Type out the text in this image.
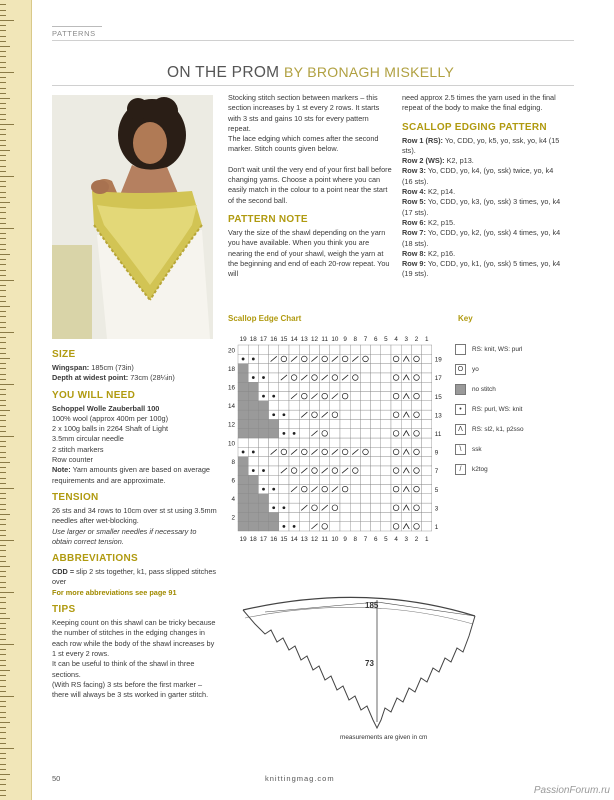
PATTERNS
ON THE PROM BY BRONAGH MISKELLY
SIZE
Wingspan: 185cm (73in)
Depth at widest point: 73cm (28¼in)
YOU WILL NEED
Schoppel Wolle Zauberball 100
100% wool (approx 400m per 100g)
2 x 100g balls in 2264 Shaft of Light
3.5mm circular needle
2 stitch markers
Row counter
Note: Yarn amounts given are based on average requirements and are approximate.
TENSION
26 sts and 34 rows to 10cm over st st using 3.5mm needles after wet-blocking.
Use larger or smaller needles if necessary to obtain correct tension.
ABBREVIATIONS
CDD = slip 2 sts together, k1, pass slipped stitches over
For more abbreviations see page 91
TIPS
Keeping count on this shawl can be tricky because the number of stitches in the edging changes in each row while the body of the shawl increases by 1 st every 2 rows.
It can be useful to think of the shawl in three sections.
(With RS facing) 3 sts before the first marker – there will always be 3 sts worked in garter stitch.
Stocking stitch section between markers – this section increases by 1 st every 2 rows. It starts with 3 sts and gains 10 sts for every pattern repeat.
The lace edging which comes after the second marker. Stitch counts given below.
Don't wait until the very end of your first ball before changing yarns. Choose a point where you can easily match in the colour to a point near the start of the second ball.
PATTERN NOTE
Vary the size of the shawl depending on the yarn you have available. When you think you are nearing the end of your shawl, weigh the yarn at the beginning and end of each 20-row repeat. You will
need approx 2.5 times the yarn used in the final repeat of the body to make the final edging.
SCALLOP EDGING PATTERN
Row 1 (RS): Yo, CDD, yo, k5, yo, ssk, yo, k4 (15 sts).
Row 2 (WS): K2, p13.
Row 3: Yo, CDD, yo, k4, (yo, ssk) twice, yo, k4 (16 sts).
Row 4: K2, p14.
Row 5: Yo, CDD, yo, k3, (yo, ssk) 3 times, yo, k4 (17 sts).
Row 6: K2, p15.
Row 7: Yo, CDD, yo, k2, (yo, ssk) 4 times, yo, k4 (18 sts).
Row 8: K2, p16.
Row 9: Yo, CDD, yo, k1, (yo, ssk) 5 times, yo, k4 (19 sts).
Scallop Edge Chart	Key
19
19
18
18
17
17
16
16
15
15
14
14
13
13
12
12
11
11
10
10
9
9
8
8
7
7
6
6
5
5
4
4
3
3
2
2
1
1
20
18
16
14
12
10
8
6
4
2
19
17
15
13
11
9
7
5
3
1
RS: knit, WS: purl
O	yo
no stitch
•	RS: purl, WS: knit
Λ	RS: sl2, k1, p2sso
\	ssk
/	k2tog
185
73
measurements are given in cm
50	knittingmag.com
PassionForum.ru
